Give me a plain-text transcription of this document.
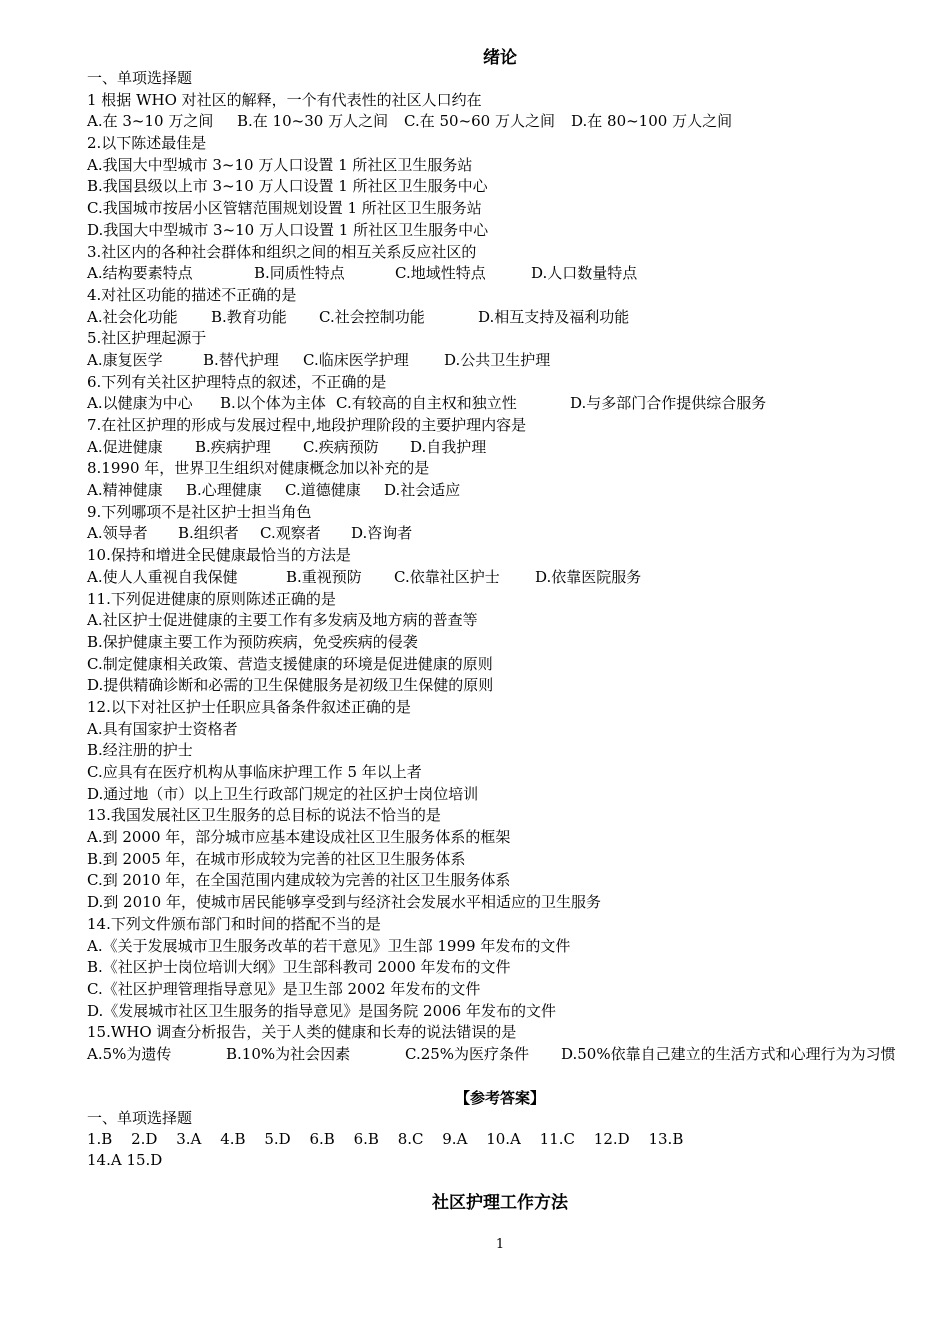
绪论
一、单项选择题
1 根据 WHO 对社区的解释，一个有代表性的社区人口约在
A.在 3~10 万之间	B.在 10~30 万人之间	C.在 50~60 万人之间	D.在 80~100 万人之间
2.以下陈述最佳是
A.我国大中型城市 3~10 万人口设置 1 所社区卫生服务站
B.我国县级以上市 3~10 万人口设置 1 所社区卫生服务中心
C.我国城市按居小区管辖范围规划设置 1 所社区卫生服务站
D.我国大中型城市 3~10 万人口设置 1 所社区卫生服务中心
3.社区内的各种社会群体和组织之间的相互关系反应社区的
A.结构要素特点	B.同质性特点	C.地域性特点	D.人口数量特点
4.对社区功能的描述不正确的是
A.社会化功能	B.教育功能	C.社会控制功能	D.相互支持及福利功能
5.社区护理起源于
A.康复医学	B.替代护理	C.临床医学护理	D.公共卫生护理
6.下列有关社区护理特点的叙述，不正确的是
A.以健康为中心	B.以个体为主体 C.有较高的自主权和独立性	D.与多部门合作提供综合服务
7.在社区护理的形成与发展过程中,地段护理阶段的主要护理内容是
A.促进健康	B.疾病护理	C.疾病预防	D.自我护理
8.1990 年，世界卫生组织对健康概念加以补充的是
A.精神健康	B.心理健康	C.道德健康	D.社会适应
9.下列哪项不是社区护士担当角色
A.领导者	B.组织者	C.观察者	D.咨询者
10.保持和增进全民健康最恰当的方法是
A.使人人重视自我保健	B.重视预防	C.依靠社区护士	D.依靠医院服务
11.下列促进健康的原则陈述正确的是
A.社区护士促进健康的主要工作有多发病及地方病的普查等
B.保护健康主要工作为预防疾病，免受疾病的侵袭
C.制定健康相关政策、营造支援健康的环境是促进健康的原则
D.提供精确诊断和必需的卫生保健服务是初级卫生保健的原则
12.以下对社区护士任职应具备条件叙述正确的是
A.具有国家护士资格者
B.经注册的护士
C.应具有在医疗机构从事临床护理工作 5 年以上者
D.通过地（市）以上卫生行政部门规定的社区护士岗位培训
13.我国发展社区卫生服务的总目标的说法不恰当的是
A.到 2000 年，部分城市应基本建设成社区卫生服务体系的框架
B.到 2005 年，在城市形成较为完善的社区卫生服务体系
C.到 2010 年，在全国范围内建成较为完善的社区卫生服务体系
D.到 2010 年，使城市居民能够享受到与经济社会发展水平相适应的卫生服务
14.下列文件颁布部门和时间的搭配不当的是
A.《关于发展城市卫生服务改革的若干意见》卫生部 1999 年发布的文件
B.《社区护士岗位培训大纲》卫生部科教司 2000 年发布的文件
C.《社区护理管理指导意见》是卫生部 2002 年发布的文件
D.《发展城市社区卫生服务的指导意见》是国务院 2006 年发布的文件
15.WHO 调查分析报告，关于人类的健康和长寿的说法错误的是
A.5%为遗传	B.10%为社会因素	C.25%为医疗条件	D.50%依靠自己建立的生活方式和心理行为为习惯
【参考答案】
一、单项选择题
1.B 2.D 3.A 4.B 5.D 6.B 6.B 8.C 9.A 10.A 11.C 12.D 13.B
14.A 15.D
社区护理工作方法
1
